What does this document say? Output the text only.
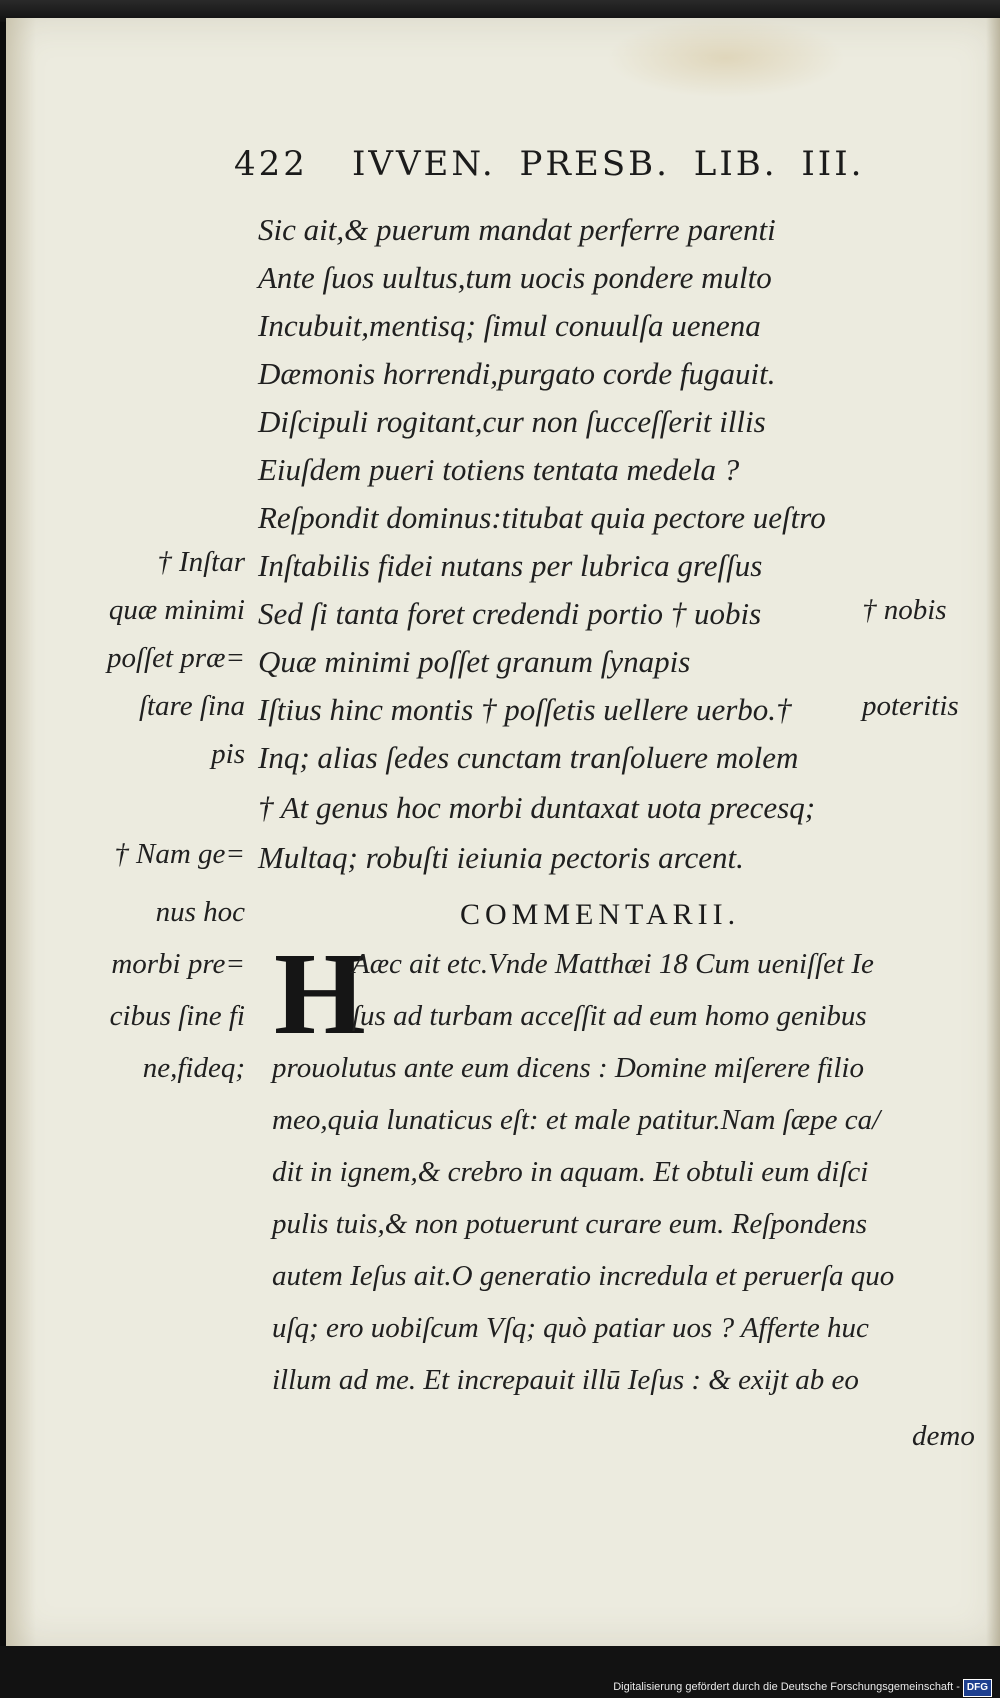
422 IVVEN. PRESB. LIB. III.
Sic ait,& puerum mandat perferre parenti
Ante ſuos uultus,tum uocis pondere multo
Incubuit,mentisq; ſimul conuulſa uenena
Dæmonis horrendi,purgato corde fugauit.
Diſcipuli rogitant,cur non ſucceſſerit illis
Eiuſdem pueri totiens tentata medela ?
Reſpondit dominus:titubat quia pectore ueſtro
Inſtabilis fidei nutans per lubrica greſſus
Sed ſi tanta foret credendi portio † uobis
Quæ minimi poſſet granum ſynapis
Iſtius hinc montis † poſſetis uellere uerbo.†
Inq; alias ſedes cunctam tranſoluere molem
† At genus hoc morbi duntaxat uota precesq;
Multaq; robuſti ieiunia pectoris arcent.
† Inſtar
quæ minimi
poſſet præ=
ſtare ſina
pis
† Nam ge=
nus hoc
morbi pre=
cibus ſine fi
ne,fideq;
† nobis
poteritis
COMMENTARII.
H
Aæc ait etc.Vnde Matthæi 18 Cum ueniſſet Ie
ſus ad turbam acceſſit ad eum homo genibus
prouolutus ante eum dicens : Domine miſerere filio
meo,quia lunaticus eſt: et male patitur.Nam ſæpe ca/
dit in ignem,& crebro in aquam. Et obtuli eum diſci
pulis tuis,& non potuerunt curare eum. Reſpondens
autem Ieſus ait.O generatio incredula et peruerſa quo
uſq; ero uobiſcum Vſq; quò patiar uos ? Afferte huc
illum ad me. Et increpauit illū Ieſus : & exijt ab eo
demo
Digitalisierung gefördert durch die Deutsche Forschungsgemeinschaft - DFG
